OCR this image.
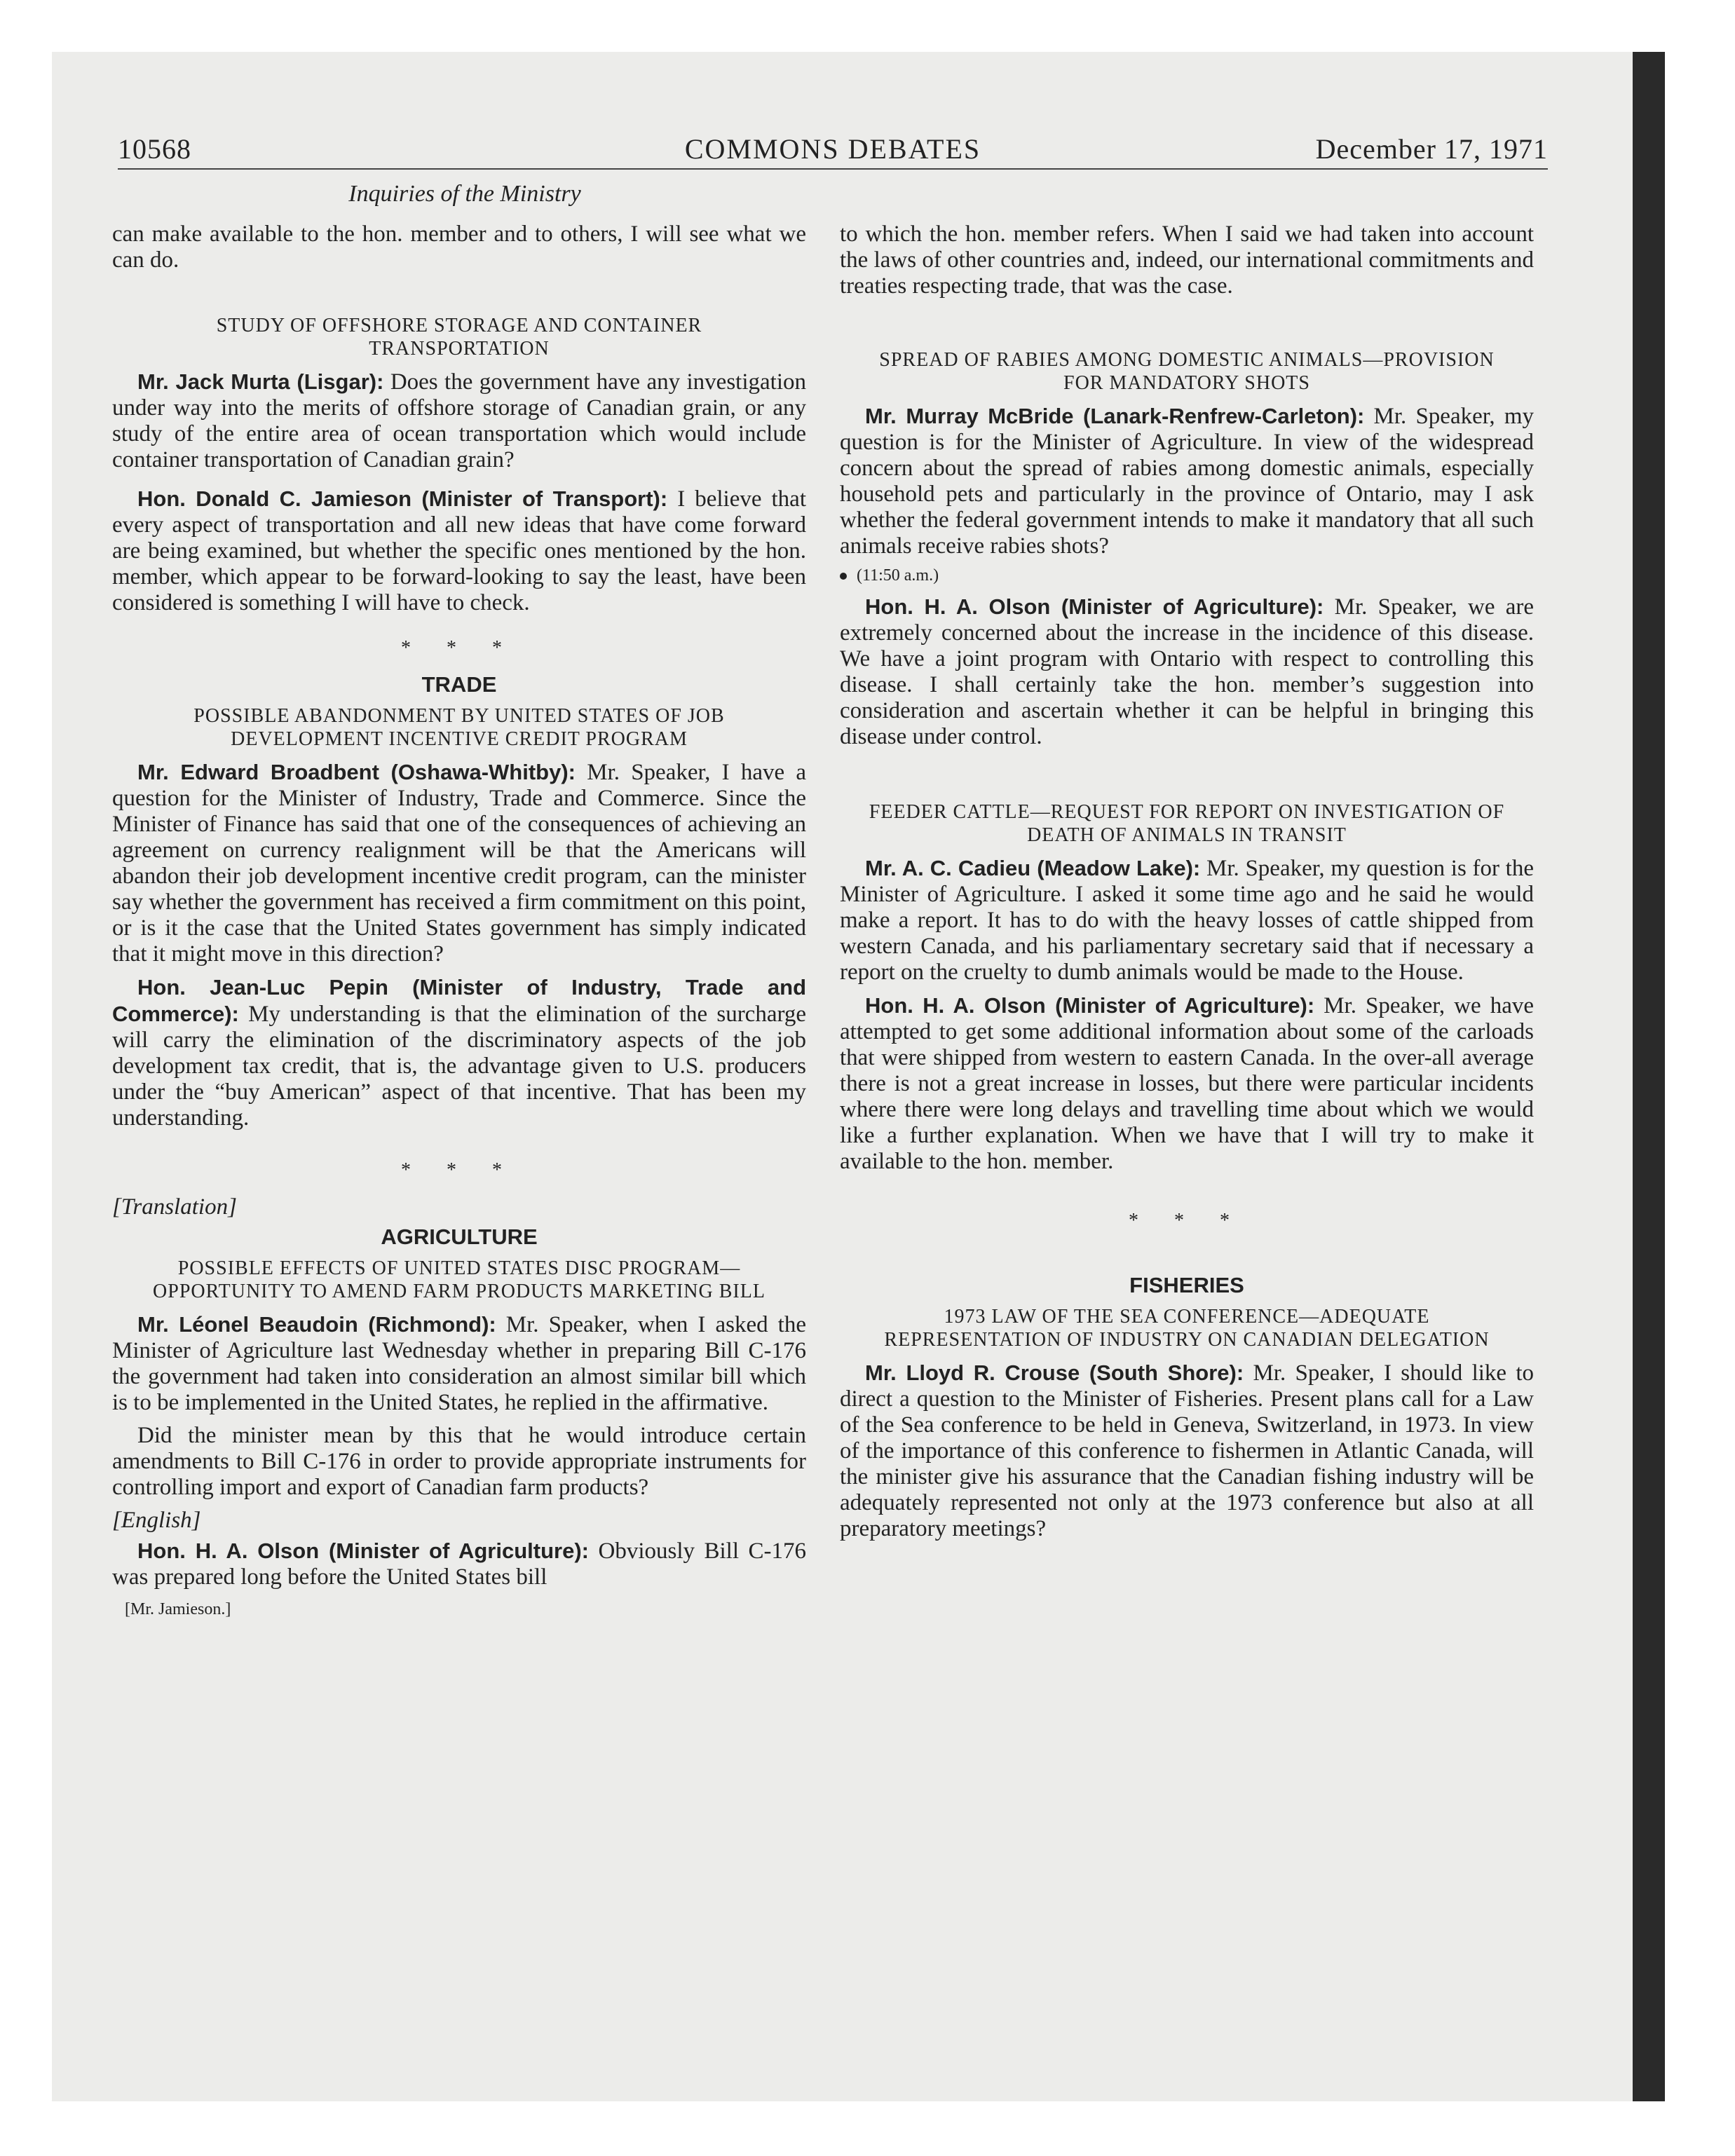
10568	COMMONS DEBATES	December 17, 1971
Inquiries of the Ministry

can make available to the hon. member and to others, I will see what we can do.

STUDY OF OFFSHORE STORAGE AND CONTAINER TRANSPORTATION

Mr. Jack Murta (Lisgar): Does the government have any investigation under way into the merits of offshore storage of Canadian grain, or any study of the entire area of ocean transportation which would include container transportation of Canadian grain?

Hon. Donald C. Jamieson (Minister of Transport): I believe that every aspect of transportation and all new ideas that have come forward are being examined, but whether the specific ones mentioned by the hon. member, which appear to be forward-looking to say the least, have been considered is something I will have to check.

* * *
TRADE
POSSIBLE ABANDONMENT BY UNITED STATES OF JOB DEVELOPMENT INCENTIVE CREDIT PROGRAM

Mr. Edward Broadbent (Oshawa-Whitby): Mr. Speaker, I have a question for the Minister of Industry, Trade and Commerce. Since the Minister of Finance has said that one of the consequences of achieving an agreement on currency realignment will be that the Americans will abandon their job development incentive credit program, can the minister say whether the government has received a firm commitment on this point, or is it the case that the United States government has simply indicated that it might move in this direction?

Hon. Jean-Luc Pepin (Minister of Industry, Trade and Commerce): My understanding is that the elimination of the surcharge will carry the elimination of the discriminatory aspects of the job development tax credit, that is, the advantage given to U.S. producers under the “buy American” aspect of that incentive. That has been my understanding.

* * *
[Translation]
AGRICULTURE
POSSIBLE EFFECTS OF UNITED STATES DISC PROGRAM—OPPORTUNITY TO AMEND FARM PRODUCTS MARKETING BILL

Mr. Léonel Beaudoin (Richmond): Mr. Speaker, when I asked the Minister of Agriculture last Wednesday whether in preparing Bill C-176 the government had taken into consideration an almost similar bill which is to be implemented in the United States, he replied in the affirmative.

Did the minister mean by this that he would introduce certain amendments to Bill C-176 in order to provide appropriate instruments for controlling import and export of Canadian farm products?

[English]

Hon. H. A. Olson (Minister of Agriculture): Obviously Bill C-176 was prepared long before the United States bill

[Mr. Jamieson.]

to which the hon. member refers. When I said we had taken into account the laws of other countries and, indeed, our international commitments and treaties respecting trade, that was the case.

SPREAD OF RABIES AMONG DOMESTIC ANIMALS—PROVISION FOR MANDATORY SHOTS

Mr. Murray McBride (Lanark-Renfrew-Carleton): Mr. Speaker, my question is for the Minister of Agriculture. In view of the widespread concern about the spread of rabies among domestic animals, especially household pets and particularly in the province of Ontario, may I ask whether the federal government intends to make it mandatory that all such animals receive rabies shots?

(11:50 a.m.)

Hon. H. A. Olson (Minister of Agriculture): Mr. Speaker, we are extremely concerned about the increase in the incidence of this disease. We have a joint program with Ontario with respect to controlling this disease. I shall certainly take the hon. member’s suggestion into consideration and ascertain whether it can be helpful in bringing this disease under control.

FEEDER CATTLE—REQUEST FOR REPORT ON INVESTIGATION OF DEATH OF ANIMALS IN TRANSIT

Mr. A. C. Cadieu (Meadow Lake): Mr. Speaker, my question is for the Minister of Agriculture. I asked it some time ago and he said he would make a report. It has to do with the heavy losses of cattle shipped from western Canada, and his parliamentary secretary said that if necessary a report on the cruelty to dumb animals would be made to the House.

Hon. H. A. Olson (Minister of Agriculture): Mr. Speaker, we have attempted to get some additional information about some of the carloads that were shipped from western to eastern Canada. In the over-all average there is not a great increase in losses, but there were particular incidents where there were long delays and travelling time about which we would like a further explanation. When we have that I will try to make it available to the hon. member.

* * *
FISHERIES
1973 LAW OF THE SEA CONFERENCE—ADEQUATE REPRESENTATION OF INDUSTRY ON CANADIAN DELEGATION

Mr. Lloyd R. Crouse (South Shore): Mr. Speaker, I should like to direct a question to the Minister of Fisheries. Present plans call for a Law of the Sea conference to be held in Geneva, Switzerland, in 1973. In view of the importance of this conference to fishermen in Atlantic Canada, will the minister give his assurance that the Canadian fishing industry will be adequately represented not only at the 1973 conference but also at all preparatory meetings?
